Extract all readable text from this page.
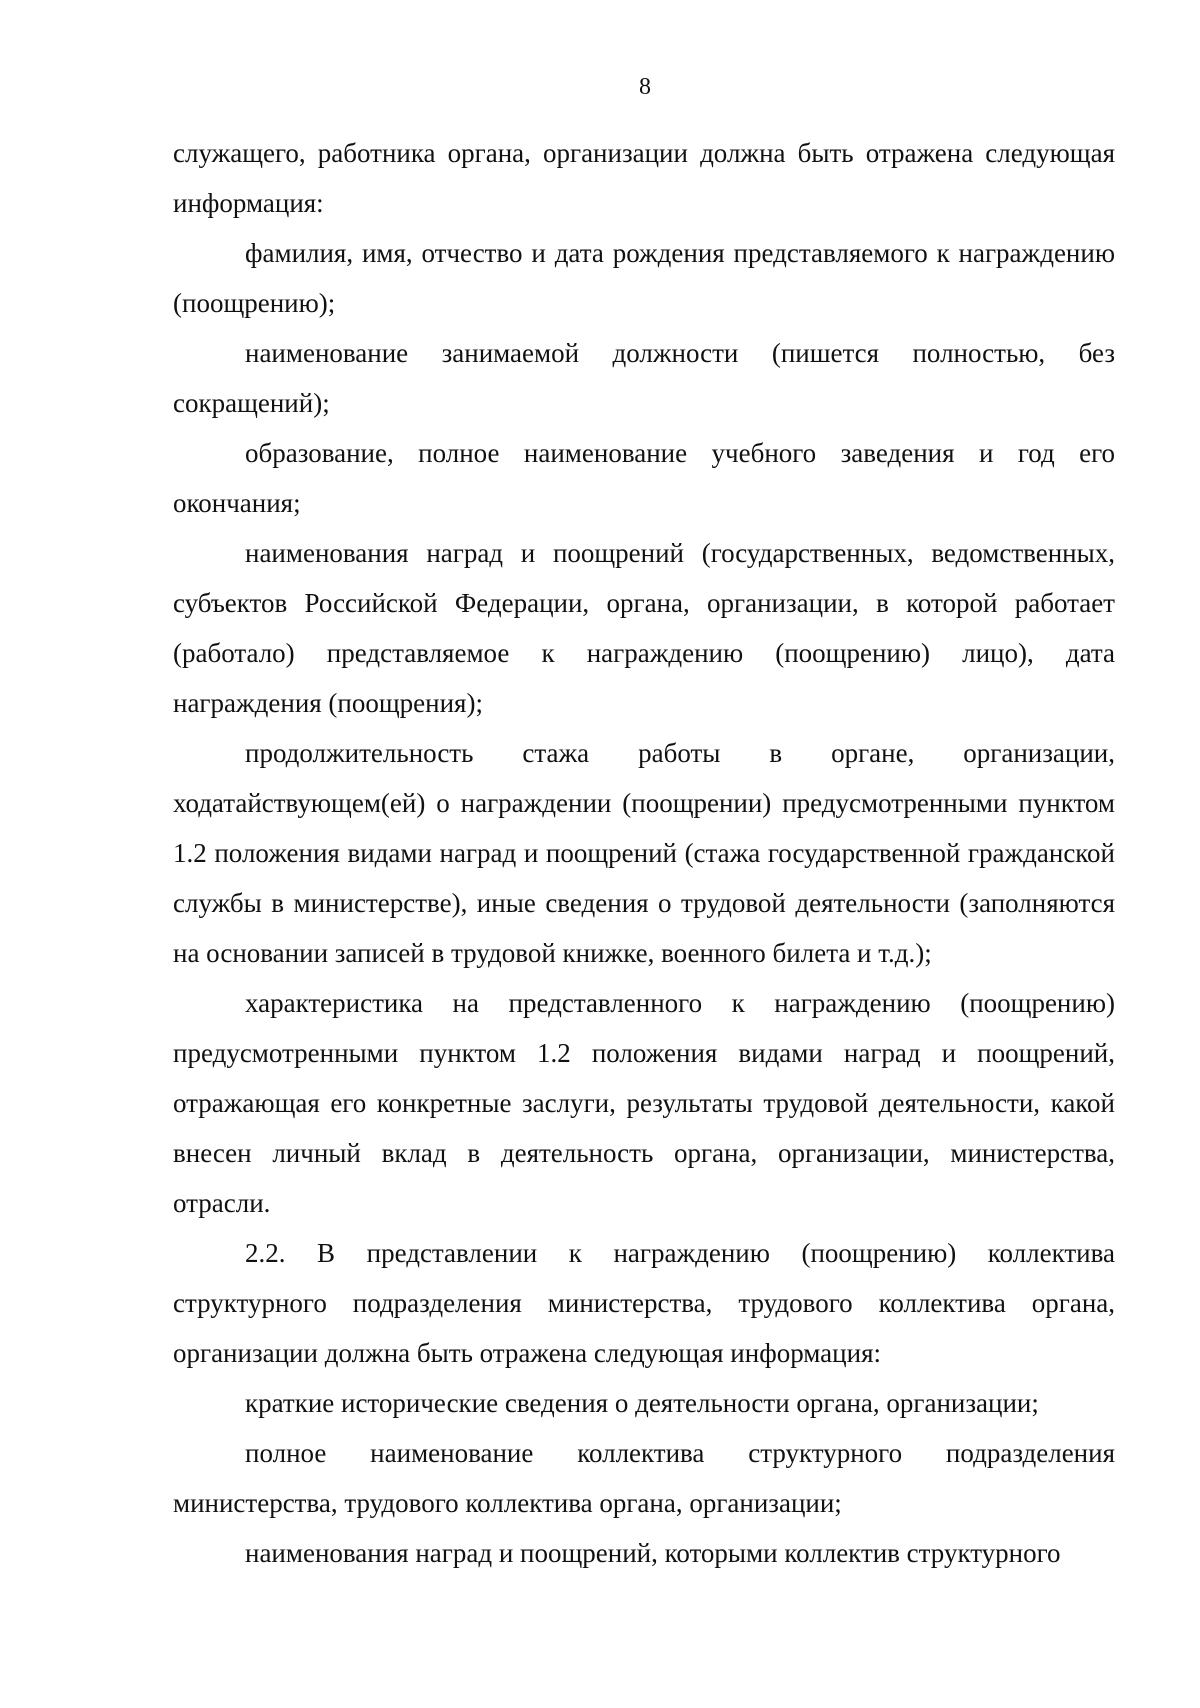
8

служащего, работника органа, организации должна быть отражена следующая информация:

фамилия, имя, отчество и дата рождения представляемого к награждению (поощрению);

наименование занимаемой должности (пишется полностью, без сокращений);

образование, полное наименование учебного заведения и год его окончания;

наименования наград и поощрений (государственных, ведомственных, субъектов Российской Федерации, органа, организации, в которой работает (работало) представляемое к награждению (поощрению) лицо), дата награждения (поощрения);

продолжительность стажа работы в органе, организации, ходатайствующем(ей) о награждении (поощрении) предусмотренными пунктом 1.2 положения видами наград и поощрений (стажа государственной гражданской службы в министерстве), иные сведения о трудовой деятельности (заполняются на основании записей в трудовой книжке, военного билета и т.д.);

характеристика на представленного к награждению (поощрению) предусмотренными пунктом 1.2 положения видами наград и поощрений, отражающая его конкретные заслуги, результаты трудовой деятельности, какой внесен личный вклад в деятельность органа, организации, министерства, отрасли.

2.2. В представлении к награждению (поощрению) коллектива структурного подразделения министерства, трудового коллектива органа, организации должна быть отражена следующая информация:

краткие исторические сведения о деятельности органа, организации;

полное наименование коллектива структурного подразделения министерства, трудового коллектива органа, организации;

наименования наград и поощрений, которыми коллектив структурного
